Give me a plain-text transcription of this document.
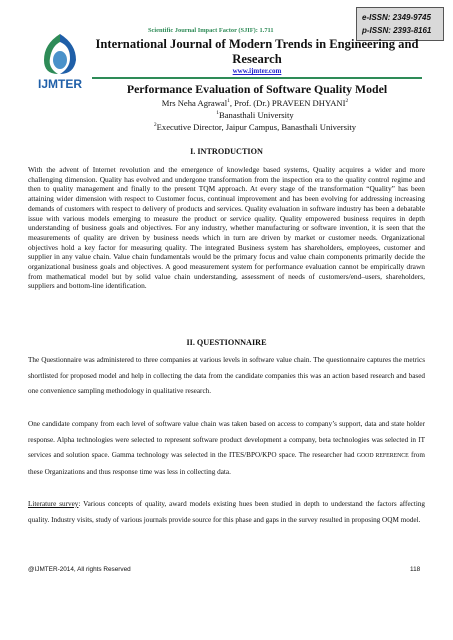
e-ISSN: 2349-9745
p-ISSN: 2393-8161
Scientific Journal Impact Factor (SJIF): 1.711
IJMTER
International Journal of Modern Trends in Engineering and Research
www.ijmter.com
Performance Evaluation of Software Quality Model
Mrs Neha Agrawal$^1$, Prof. (Dr.) PRAVEEN DHYANI$^2$
$^1$Banasthali University
$^2$Executive Director, Jaipur Campus, Banasthali University
I. INTRODUCTION
With the advent of Internet revolution and the emergence of knowledge based systems, Quality acquires a wider and more challenging dimension. Quality has evolved and undergone transformation from the inspection era to the quality control regime and then to quality management and finally to the present TQM approach. At every stage of the transformation “Quality” has been attaining wider dimension with respect to Customer focus, continual improvement and has been evolving for addressing increasing demands of customers with respect to delivery of products and services. Quality evaluation in software industry has been a debatable issue with various models emerging to measure the product or service quality. Quality empowered business requires in depth understanding of business goals and objectives. For any industry, whether manufacturing or software invention, it is seen that the measurements of quality are driven by business needs which in turn are driven by market or customer needs. Organizational objectives hold a key factor for measuring quality. The integrated Business system has shareholders, employees, customer and supplier in any value chain. Value chain fundamentals would be the primary focus and value chain components primarily decide the organizational business goals and objectives. A good measurement system for performance evaluation cannot be empirically drawn from mathematical model but by solid value chain understanding, assessment of needs of customers/end–users, shareholders, suppliers and bottom-line identification.
II. QUESTIONNAIRE
The Questionnaire was administered to three companies at various levels in software value chain. The questionnaire captures the metrics shortlisted for proposed model and help in collecting the data from the candidate companies this was an action based research and based one convenience sampling methodology in qualitative research.
One candidate company from each level of software value chain was taken based on access to company’s support, data and state holder response. Alpha technologies were selected to represent software product development a company, beta technologies was selected in IT services and solution space. Gamma technology was selected in the ITES/BPO/KPO space. The researcher had GOOD REFERENCE from these Organizations and thus response time was less in collecting data.
Literature survey: Various concepts of quality, award models existing hues been studied in depth to understand the factors affecting quality. Industry visits, study of various journals provide source for this phase and gaps in the survey resulted in proposing OQM model.
@IJMTER-2014, All rights Reserved	118
